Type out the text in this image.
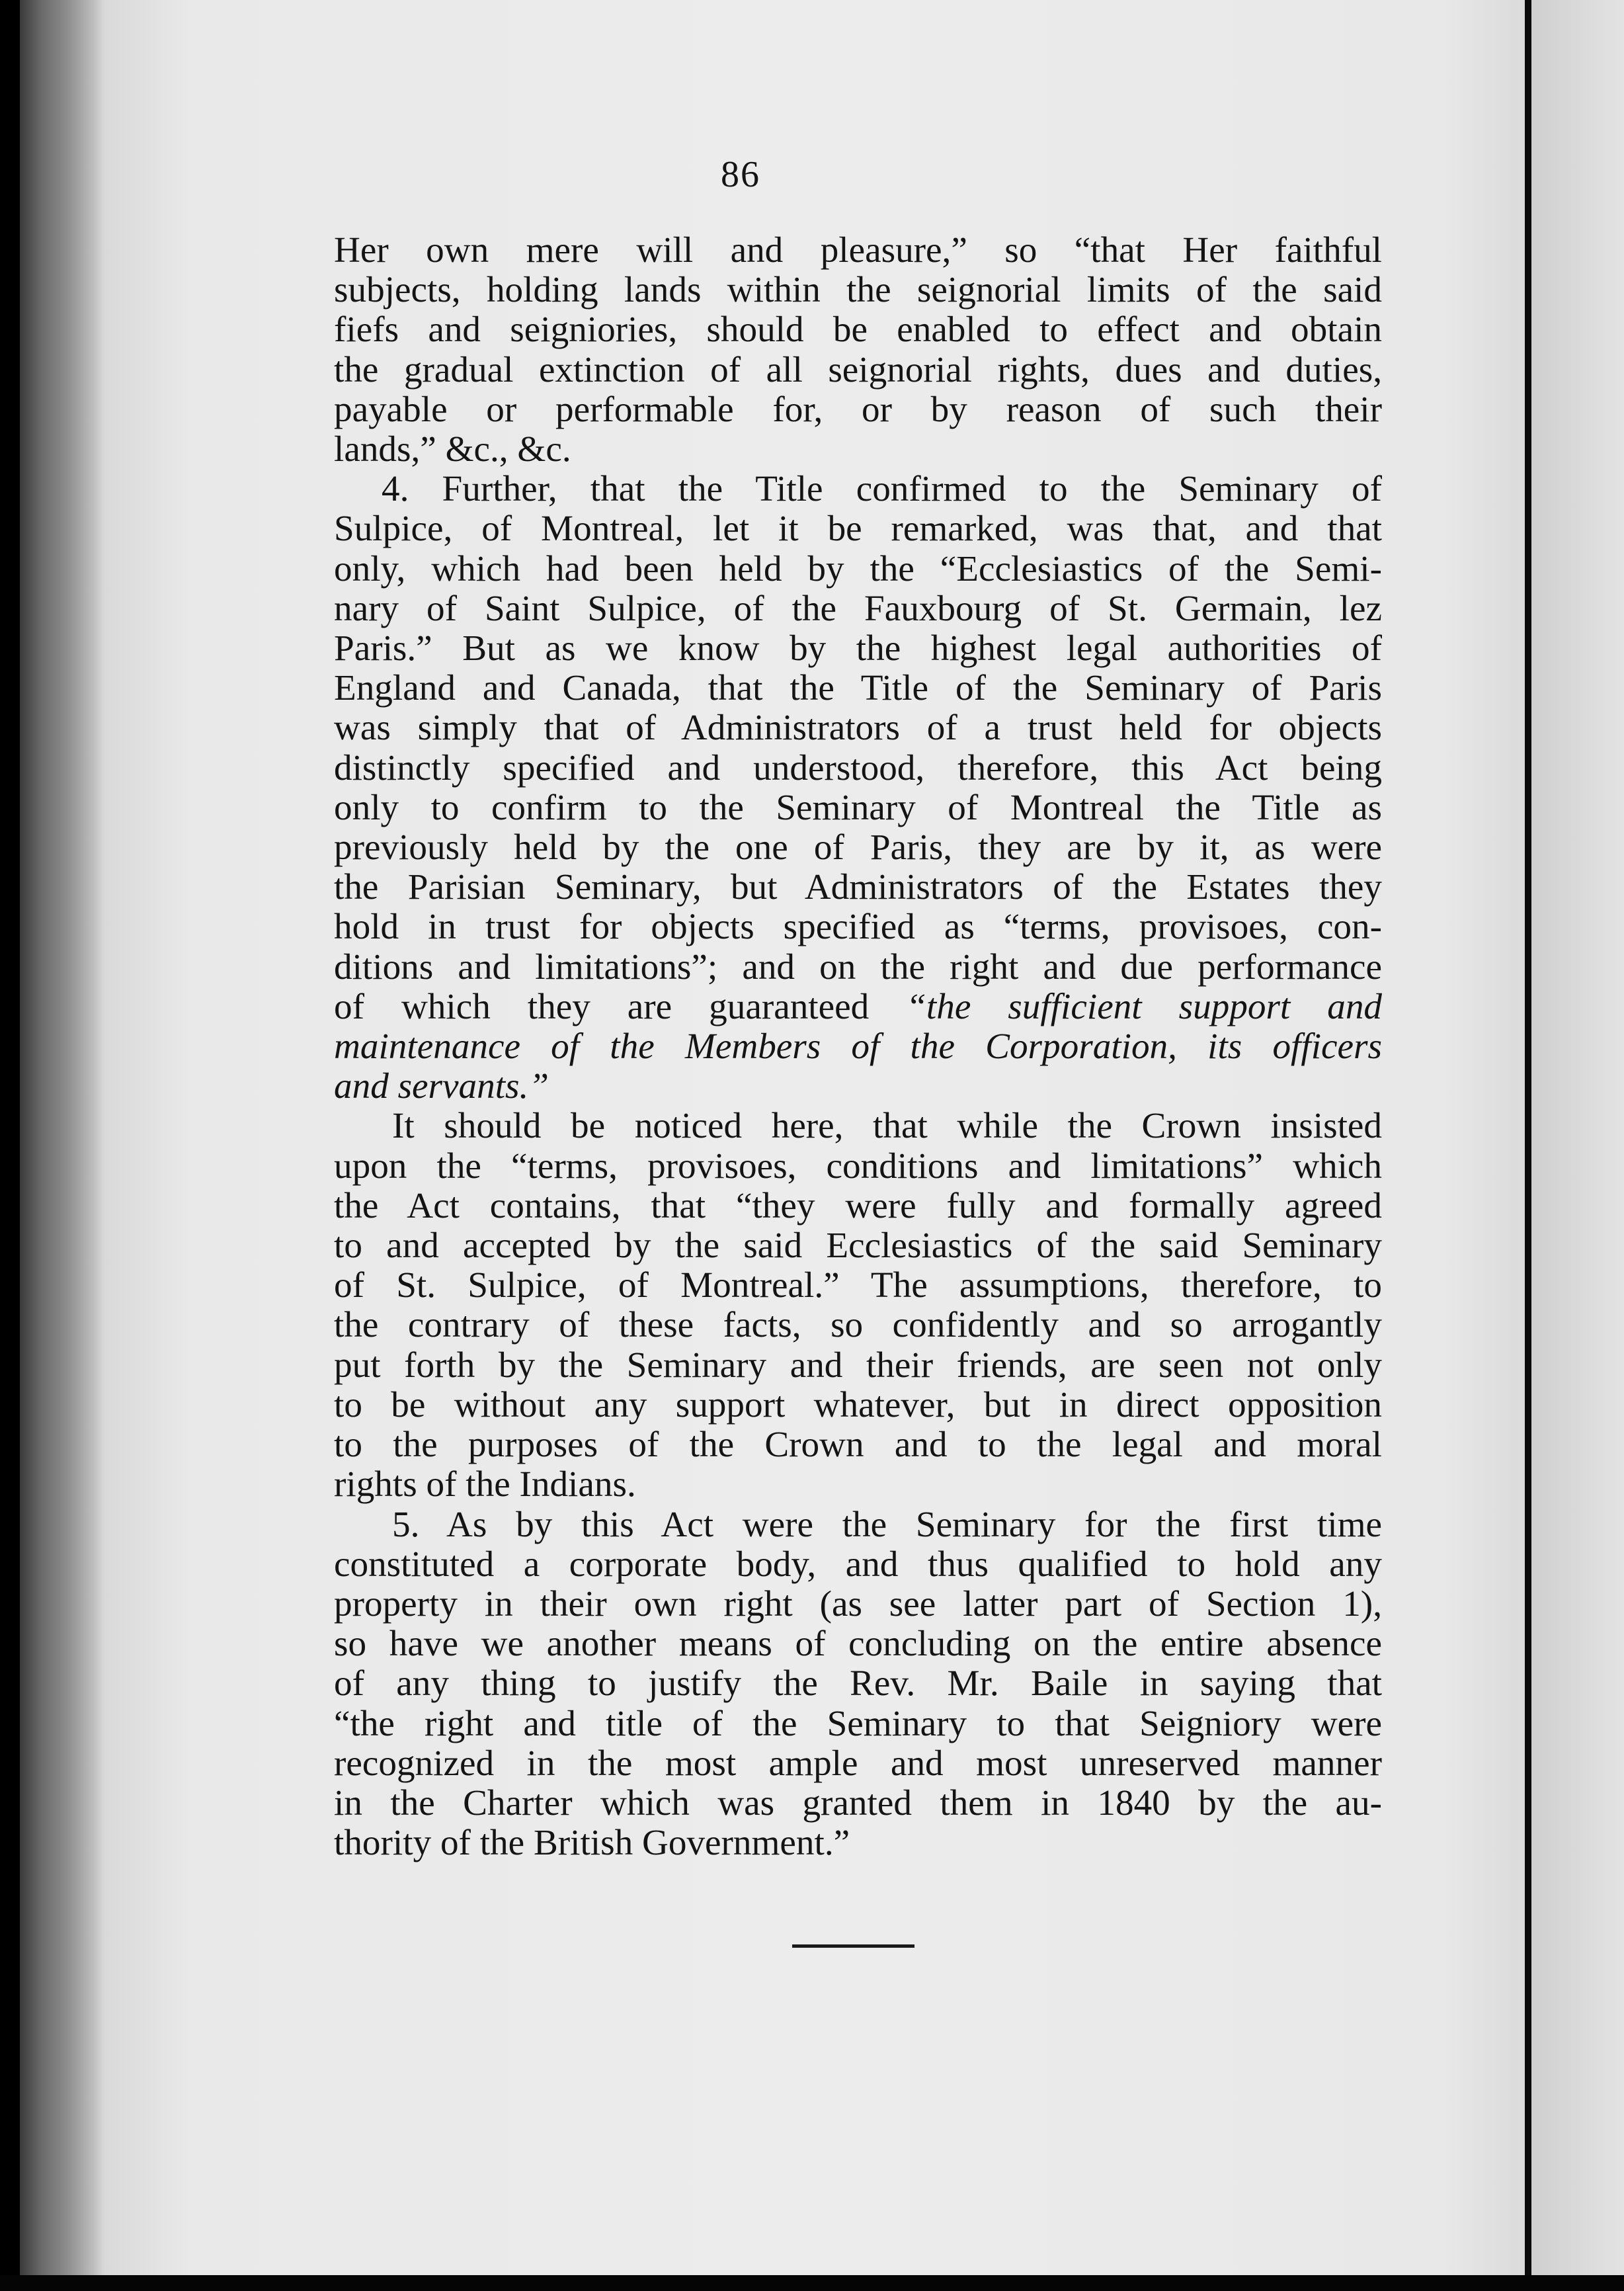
86
Her own mere will and pleasure,” so “that Her faithful
subjects, holding lands within the seignorial limits of the said
fiefs and seigniories, should be enabled to effect and obtain
the gradual extinction of all seignorial rights, dues and duties,
payable or performable for, or by reason of such their
lands,” &c., &c.
4. Further, that the Title confirmed to the Seminary of
Sulpice, of Montreal, let it be remarked, was that, and that
only, which had been held by the “Ecclesiastics of the Semi-
nary of Saint Sulpice, of the Fauxbourg of St. Germain, lez
Paris.” But as we know by the highest legal authorities of
England and Canada, that the Title of the Seminary of Paris
was simply that of Administrators of a trust held for objects
distinctly specified and understood, therefore, this Act being
only to confirm to the Seminary of Montreal the Title as
previously held by the one of Paris, they are by it, as were
the Parisian Seminary, but Administrators of the Estates they
hold in trust for objects specified as “terms, provisoes, con-
ditions and limitations”; and on the right and due performance
of which they are guaranteed “the sufficient support and
maintenance of the Members of the Corporation, its officers
and servants.”
It should be noticed here, that while the Crown insisted
upon the “terms, provisoes, conditions and limitations” which
the Act contains, that “they were fully and formally agreed
to and accepted by the said Ecclesiastics of the said Seminary
of St. Sulpice, of Montreal.” The assumptions, therefore, to
the contrary of these facts, so confidently and so arrogantly
put forth by the Seminary and their friends, are seen not only
to be without any support whatever, but in direct opposition
to the purposes of the Crown and to the legal and moral
rights of the Indians.
5. As by this Act were the Seminary for the first time
constituted a corporate body, and thus qualified to hold any
property in their own right (as see latter part of Section 1),
so have we another means of concluding on the entire absence
of any thing to justify the Rev. Mr. Baile in saying that
“the right and title of the Seminary to that Seigniory were
recognized in the most ample and most unreserved manner
in the Charter which was granted them in 1840 by the au-
thority of the British Government.”
